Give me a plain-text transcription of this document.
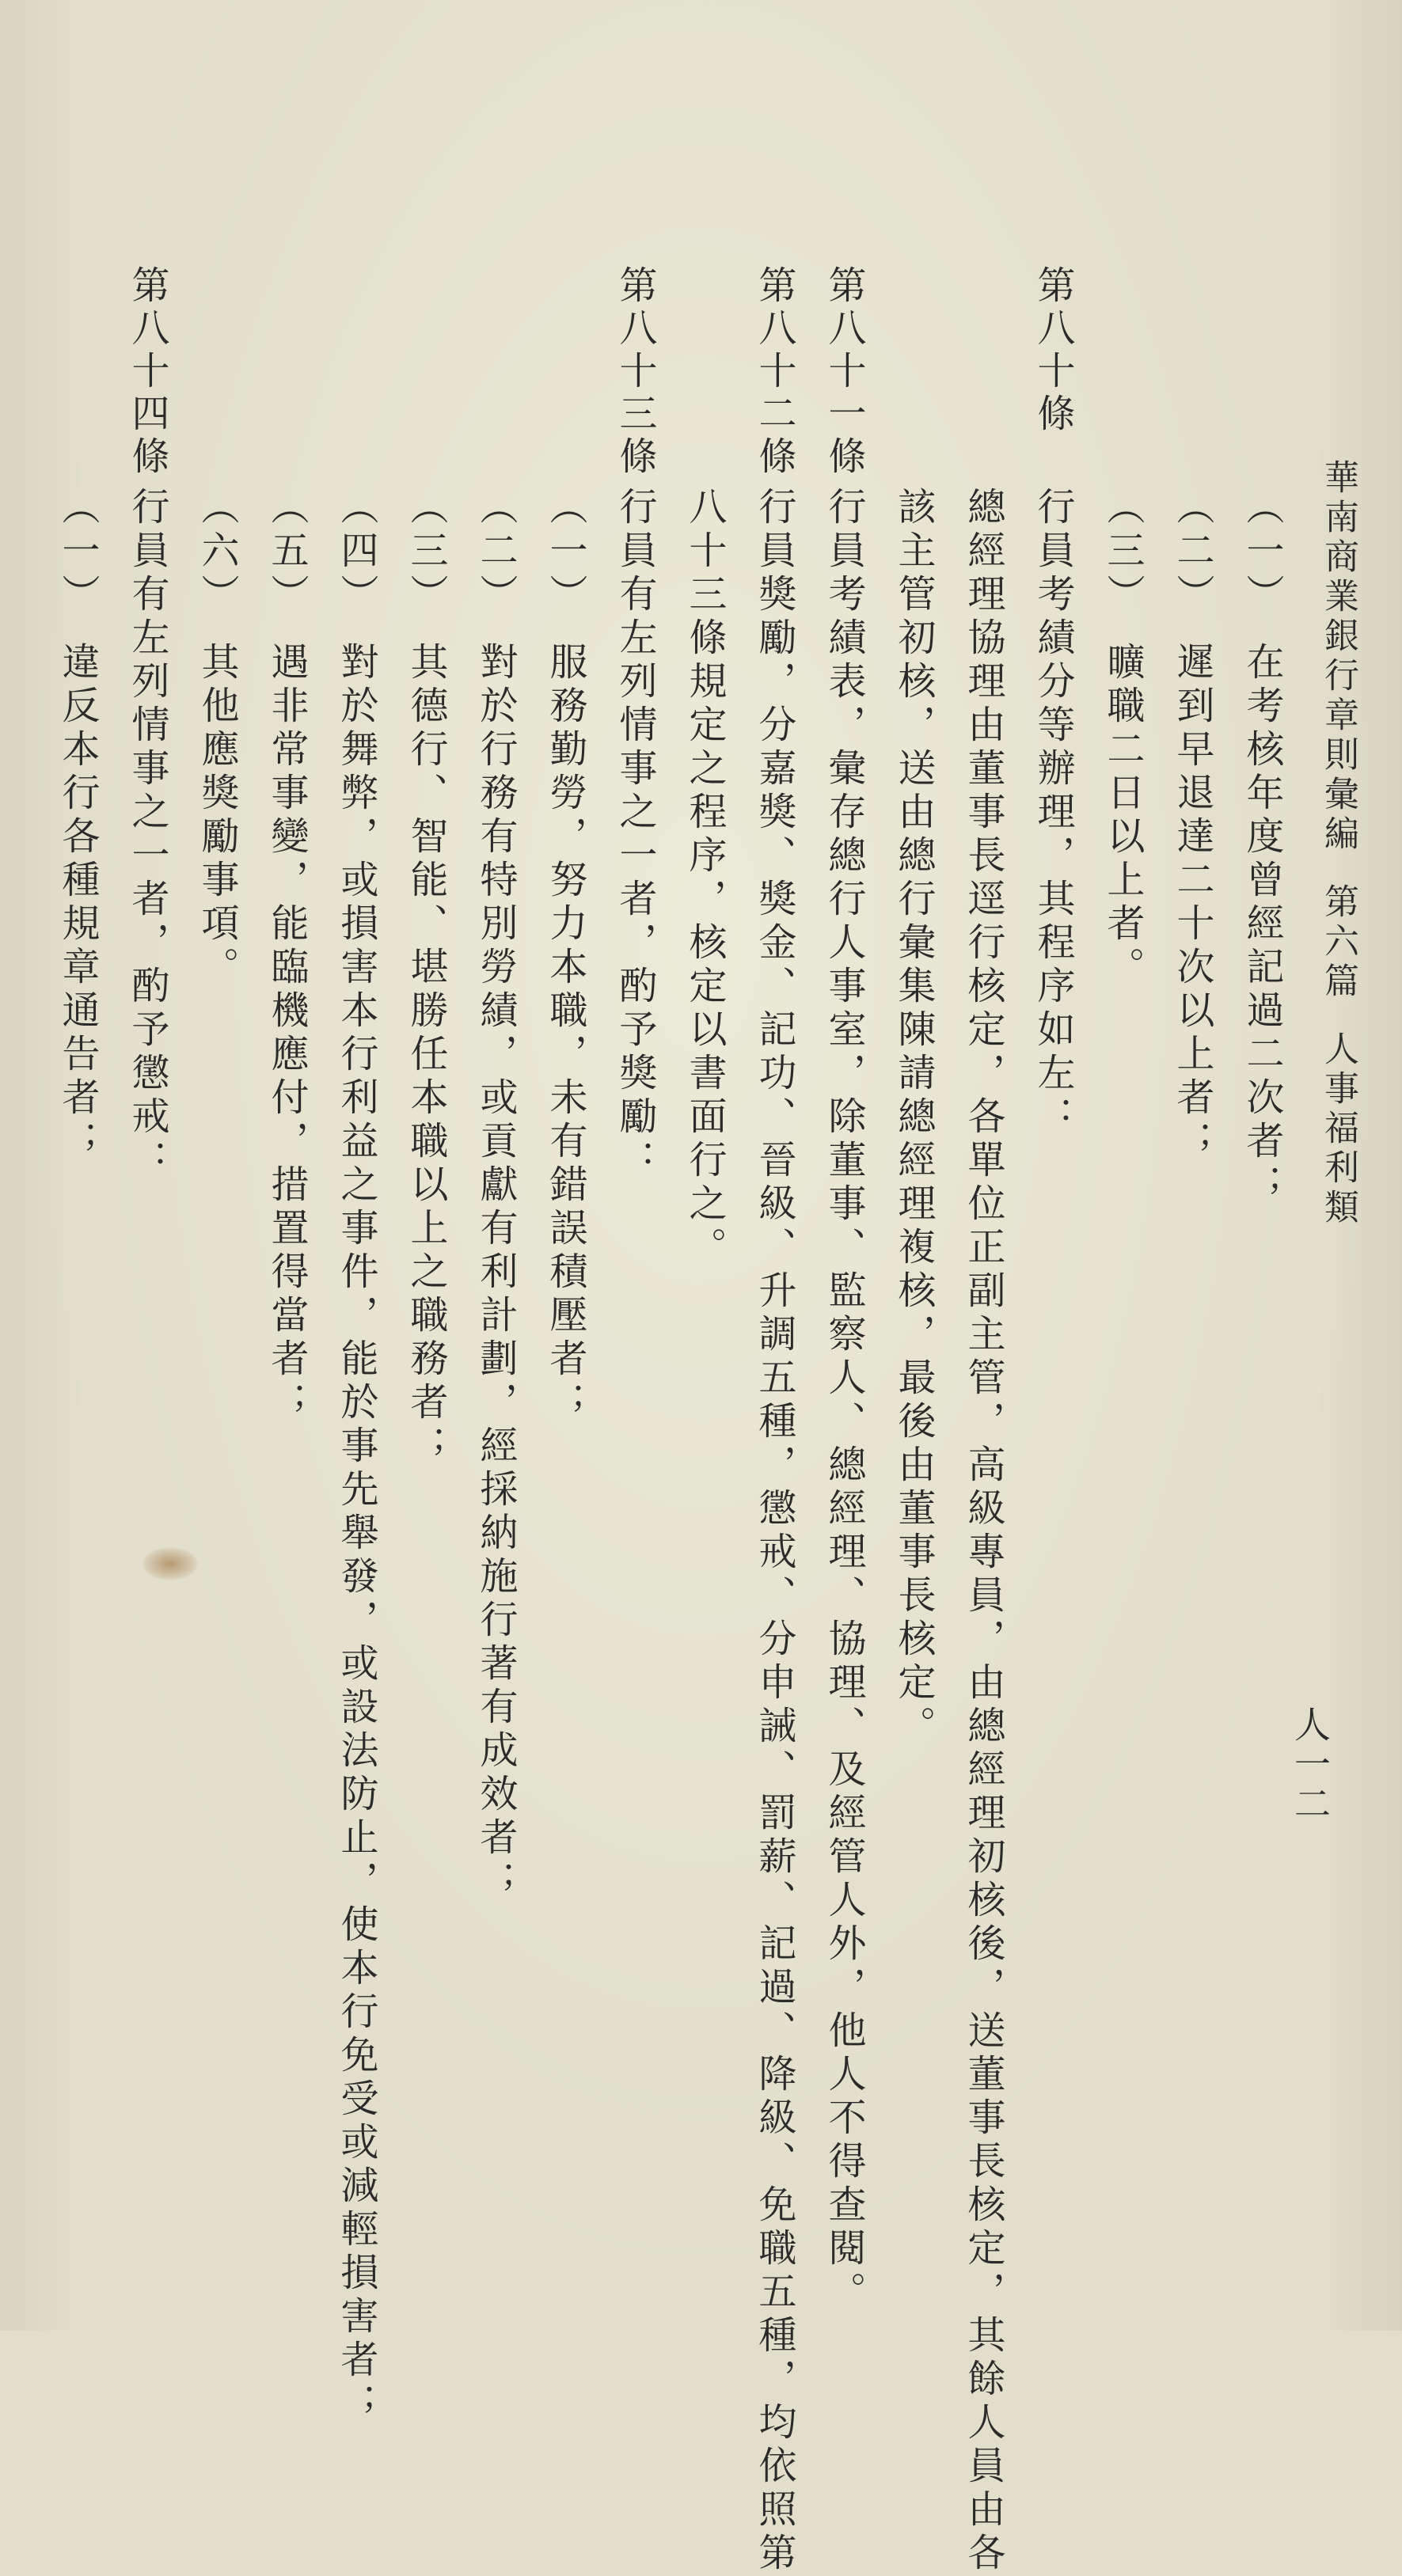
華南商業銀行章則彙編第六篇人事福利類
人一二
（一）　在考核年度曾經記過二次者；
（二）　遲到早退達二十次以上者；
（三）　曠職二日以上者。
第八十條
行員考績分等辦理，其程序如左：
總經理協理由董事長逕行核定，各單位正副主管，高級專員，由總經理初核後，送董事長核定，其餘人員由各
該主管初核，送由總行彙集陳請總經理複核，最後由董事長核定。
第八十一條
行員考績表，彙存總行人事室，除董事、監察人、總經理、協理、及經管人外，他人不得查閱。
第八十二條
行員獎勵，分嘉獎、獎金、記功、晉級、升調五種，懲戒、分申誡、罰薪、記過、降級、免職五種，均依照第
八十三條規定之程序，核定以書面行之。
第八十三條
行員有左列情事之一者，酌予獎勵：
（一）　服務勤勞，努力本職，未有錯誤積壓者；
（二）　對於行務有特別勞績，或貢獻有利計劃，經採納施行著有成效者；
（三）　其德行、智能、堪勝任本職以上之職務者；
（四）　對於舞弊，或損害本行利益之事件，能於事先舉發，或設法防止，使本行免受或減輕損害者；
（五）　遇非常事變，能臨機應付，措置得當者；
（六）　其他應獎勵事項。
第八十四條
行員有左列情事之一者，酌予懲戒：
（一）　違反本行各種規章通告者；
